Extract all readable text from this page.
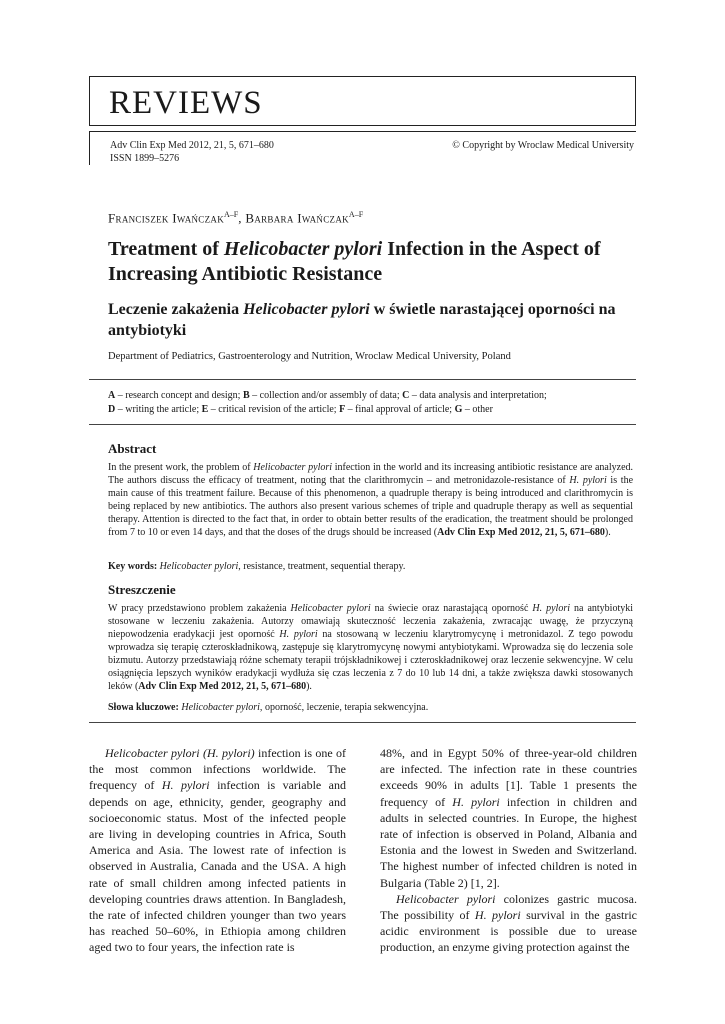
REVIEWS
Adv Clin Exp Med 2012, 21, 5, 671–680
ISSN 1899–5276
© Copyright by Wroclaw Medical University
Franciszek Iwańczak$^{A-F}$, Barbara Iwańczak$^{A-F}$
Treatment of Helicobacter pylori Infection in the Aspect of Increasing Antibiotic Resistance
Leczenie zakażenia Helicobacter pylori w świetle narastającej oporności na antybiotyki
Department of Pediatrics, Gastroenterology and Nutrition, Wroclaw Medical University, Poland
A – research concept and design; B – collection and/or assembly of data; C – data analysis and interpretation;
D – writing the article; E – critical revision of the article; F – final approval of article; G – other
Abstract
In the present work, the problem of Helicobacter pylori infection in the world and its increasing antibiotic resistance are analyzed. The authors discuss the efficacy of treatment, noting that the clarithromycin – and metronidazole-resistance of H. pylori is the main cause of this treatment failure. Because of this phenomenon, a quadruple therapy is being introduced and clarithromycin is being replaced by new antibiotics. The authors also present various schemes of triple and quadruple therapy as well as sequential therapy. Attention is directed to the fact that, in order to obtain better results of the eradication, the treatment should be prolonged from 7 to 10 or even 14 days, and that the doses of the drugs should be increased (Adv Clin Exp Med 2012, 21, 5, 671–680).
Key words: Helicobacter pylori, resistance, treatment, sequential therapy.
Streszczenie
W pracy przedstawiono problem zakażenia Helicobacter pylori na świecie oraz narastającą oporność H. pylori na antybiotyki stosowane w leczeniu zakażenia. Autorzy omawiają skuteczność leczenia zakażenia, zwracając uwagę, że przyczyną niepowodzenia eradykacji jest oporność H. pylori na stosowaną w leczeniu klarytromycynę i metronidazol. Z tego powodu wprowadza się terapię czteroskładnikową, zastępuje się klarytromycynę nowymi antybiotykami. Wprowadza się do leczenia sole bizmutu. Autorzy przedstawiają różne schematy terapii trójskładnikowej i czteroskładnikowej oraz leczenie sekwencyjne. W celu osiągnięcia lepszych wyników eradykacji wydłuża się czas leczenia z 7 do 10 lub 14 dni, a także zwiększa dawki stosowanych leków (Adv Clin Exp Med 2012, 21, 5, 671–680).
Słowa kluczowe: Helicobacter pylori, oporność, leczenie, terapia sekwencyjna.

Helicobacter pylori (H. pylori) infection is one of the most common infections worldwide. The frequency of H. pylori infection is variable and depends on age, ethnicity, gender, geography and socioeconomic status. Most of the infected people are living in developing countries in Africa, South America and Asia. The lowest rate of infection is observed in Australia, Canada and the USA. A high rate of small children among infected patients in developing countries draws attention. In Bangladesh, the rate of infected children younger than two years has reached 50–60%, in Ethiopia among children aged two to four years, the infection rate is

48%, and in Egypt 50% of three-year-old children are infected. The infection rate in these countries exceeds 90% in adults [1]. Table 1 presents the frequency of H. pylori infection in children and adults in selected countries. In Europe, the highest rate of infection is observed in Poland, Albania and Estonia and the lowest in Sweden and Switzerland. The highest number of infected children is noted in Bulgaria (Table 2) [1, 2].

Helicobacter pylori colonizes gastric mucosa. The possibility of H. pylori survival in the gastric acidic environment is possible due to urease production, an enzyme giving protection against the
